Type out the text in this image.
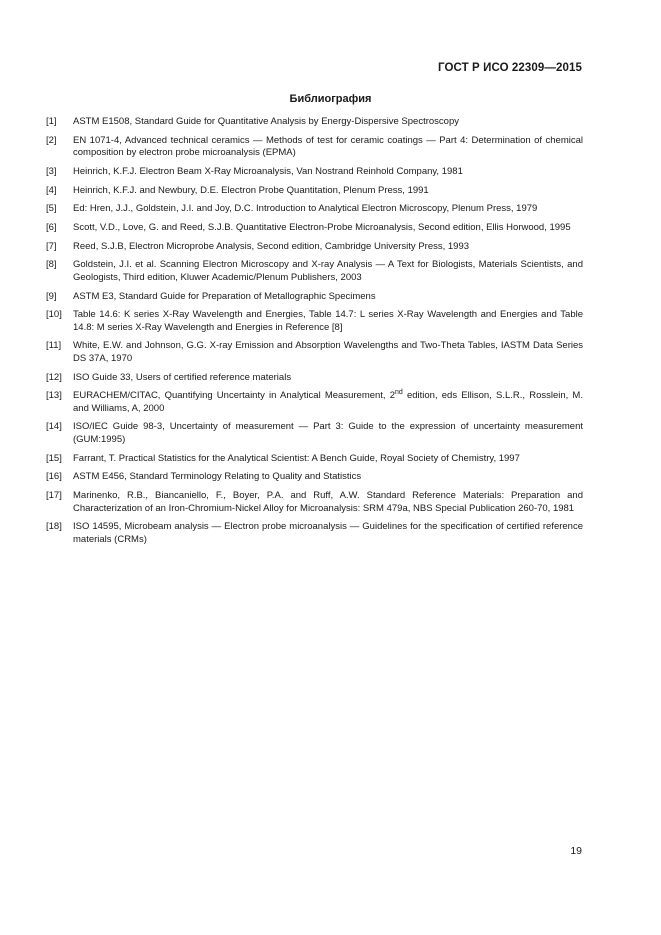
ГОСТ Р ИСО 22309—2015
Библиография
[1]	ASTM E1508, Standard Guide for Quantitative Analysis by Energy-Dispersive Spectroscopy
[2]	EN 1071-4, Advanced technical ceramics — Methods of test for ceramic coatings — Part 4: Determination of chemical composition by electron probe microanalysis (EPMA)
[3]	Heinrich, K.F.J. Electron Beam X-Ray Microanalysis, Van Nostrand Reinhold Company, 1981
[4]	Heinrich, K.F.J. and Newbury, D.E. Electron Probe Quantitation, Plenum Press, 1991
[5]	Ed: Hren, J.J., Goldstein, J.I. and Joy, D.C. Introduction to Analytical Electron Microscopy, Plenum Press, 1979
[6]	Scott, V.D., Love, G. and Reed, S.J.B. Quantitative Electron-Probe Microanalysis, Second edition, Ellis Horwood, 1995
[7]	Reed, S.J.B, Electron Microprobe Analysis, Second edition, Cambridge University Press, 1993
[8]	Goldstein, J.I. et al. Scanning Electron Microscopy and X-ray Analysis — A Text for Biologists, Materials Scientists, and Geologists, Third edition, Kluwer Academic/Plenum Publishers, 2003
[9]	ASTM E3, Standard Guide for Preparation of Metallographic Specimens
[10]	Table 14.6: K series X-Ray Wavelength and Energies, Table 14.7: L series X-Ray Wavelength and Energies and Table 14.8: M series X-Ray Wavelength and Energies in Reference [8]
[11]	White, E.W. and Johnson, G.G. X-ray Emission and Absorption Wavelengths and Two-Theta Tables, IASTM Data Series DS 37A, 1970
[12]	ISO Guide 33, Users of certified reference materials
[13]	EURACHEM/CITAC, Quantifying Uncertainty in Analytical Measurement, 2nd edition, eds Ellison, S.L.R., Rosslein, M. and Williams, A, 2000
[14]	ISO/IEC Guide 98-3, Uncertainty of measurement — Part 3: Guide to the expression of uncertainty measurement (GUM:1995)
[15]	Farrant, T. Practical Statistics for the Analytical Scientist: A Bench Guide, Royal Society of Chemistry, 1997
[16]	ASTM E456, Standard Terminology Relating to Quality and Statistics
[17]	Marinenko, R.B., Biancaniello, F., Boyer, P.A. and Ruff, A.W. Standard Reference Materials: Preparation and Characterization of an Iron-Chromium-Nickel Alloy for Microanalysis: SRM 479a, NBS Special Publication 260-70, 1981
[18]	ISO 14595, Microbeam analysis — Electron probe microanalysis — Guidelines for the specification of certified reference materials (CRMs)
19
